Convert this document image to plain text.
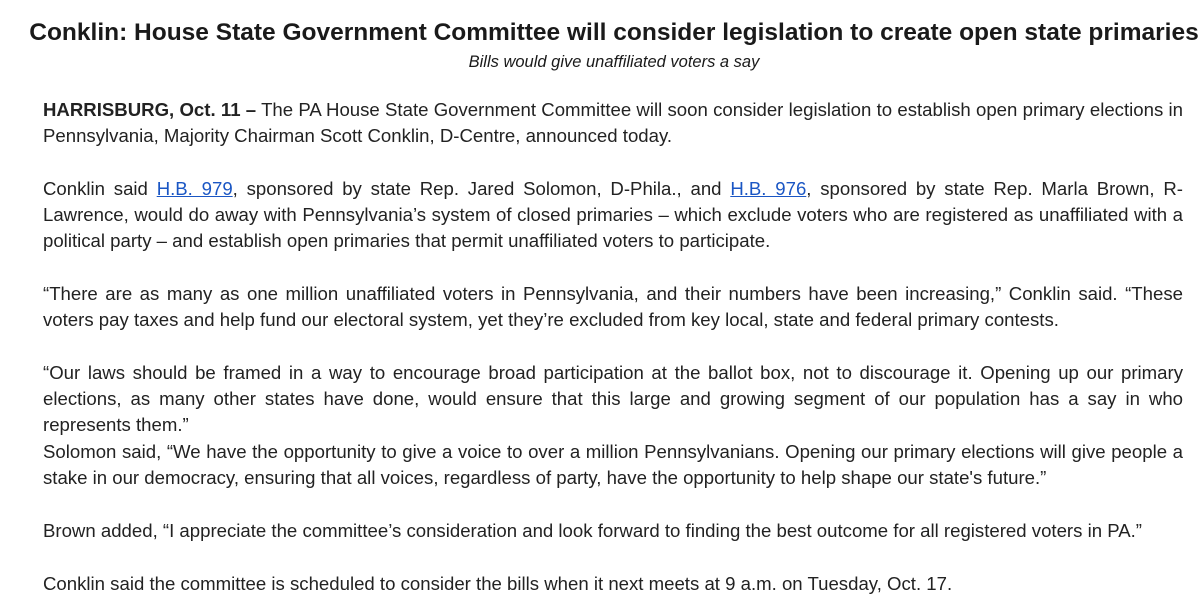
Conklin: House State Government Committee will consider legislation to create open state primaries

Bills would give unaffiliated voters a say

HARRISBURG, Oct. 11 – The PA House State Government Committee will soon consider legislation to establish open primary elections in Pennsylvania, Majority Chairman Scott Conklin, D-Centre, announced today.

Conklin said H.B. 979, sponsored by state Rep. Jared Solomon, D-Phila., and H.B. 976, sponsored by state Rep. Marla Brown, R-Lawrence, would do away with Pennsylvania’s system of closed primaries – which exclude voters who are registered as unaffiliated with a political party – and establish open primaries that permit unaffiliated voters to participate.

“There are as many as one million unaffiliated voters in Pennsylvania, and their numbers have been increasing,” Conklin said. “These voters pay taxes and help fund our electoral system, yet they’re excluded from key local, state and federal primary contests.

“Our laws should be framed in a way to encourage broad participation at the ballot box, not to discourage it. Opening up our primary elections, as many other states have done, would ensure that this large and growing segment of our population has a say in who represents them.”

Solomon said, “We have the opportunity to give a voice to over a million Pennsylvanians. Opening our primary elections will give people a stake in our democracy, ensuring that all voices, regardless of party, have the opportunity to help shape our state's future.”

Brown added, “I appreciate the committee’s consideration and look forward to finding the best outcome for all registered voters in PA.”

Conklin said the committee is scheduled to consider the bills when it next meets at 9 a.m. on Tuesday, Oct. 17.
